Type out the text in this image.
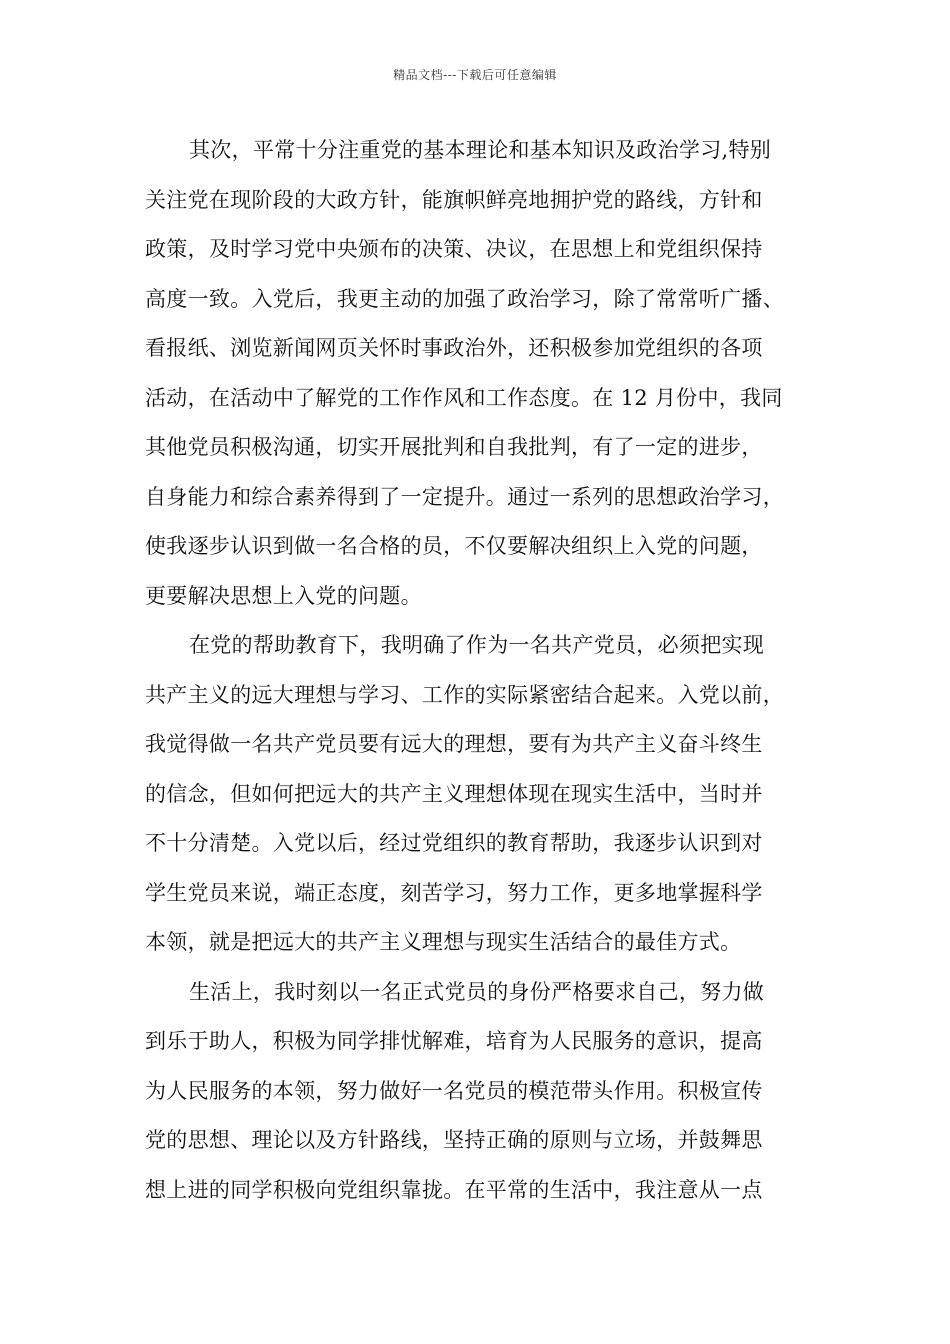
精品文档---下载后可任意编辑
其次，平常十分注重党的基本理论和基本知识及政治学习,特别
关注党在现阶段的大政方针，能旗帜鲜亮地拥护党的路线，方针和
政策，及时学习党中央颁布的决策、决议，在思想上和党组织保持
高度一致。入党后，我更主动的加强了政治学习，除了常常听广播、
看报纸、浏览新闻网页关怀时事政治外，还积极参加党组织的各项
活动，在活动中了解党的工作作风和工作态度。在 12 月份中，我同
其他党员积极沟通，切实开展批判和自我批判，有了一定的进步，
自身能力和综合素养得到了一定提升。通过一系列的思想政治学习，
使我逐步认识到做一名合格的员，不仅要解决组织上入党的问题，
更要解决思想上入党的问题。
在党的帮助教育下，我明确了作为一名共产党员，必须把实现
共产主义的远大理想与学习、工作的实际紧密结合起来。入党以前，
我觉得做一名共产党员要有远大的理想，要有为共产主义奋斗终生
的信念，但如何把远大的共产主义理想体现在现实生活中，当时并
不十分清楚。入党以后，经过党组织的教育帮助，我逐步认识到对
学生党员来说，端正态度，刻苦学习，努力工作，更多地掌握科学
本领，就是把远大的共产主义理想与现实生活结合的最佳方式。
生活上，我时刻以一名正式党员的身份严格要求自己，努力做
到乐于助人，积极为同学排忧解难，培育为人民服务的意识，提高
为人民服务的本领，努力做好一名党员的模范带头作用。积极宣传
党的思想、理论以及方针路线，坚持正确的原则与立场，并鼓舞思
想上进的同学积极向党组织靠拢。在平常的生活中，我注意从一点
